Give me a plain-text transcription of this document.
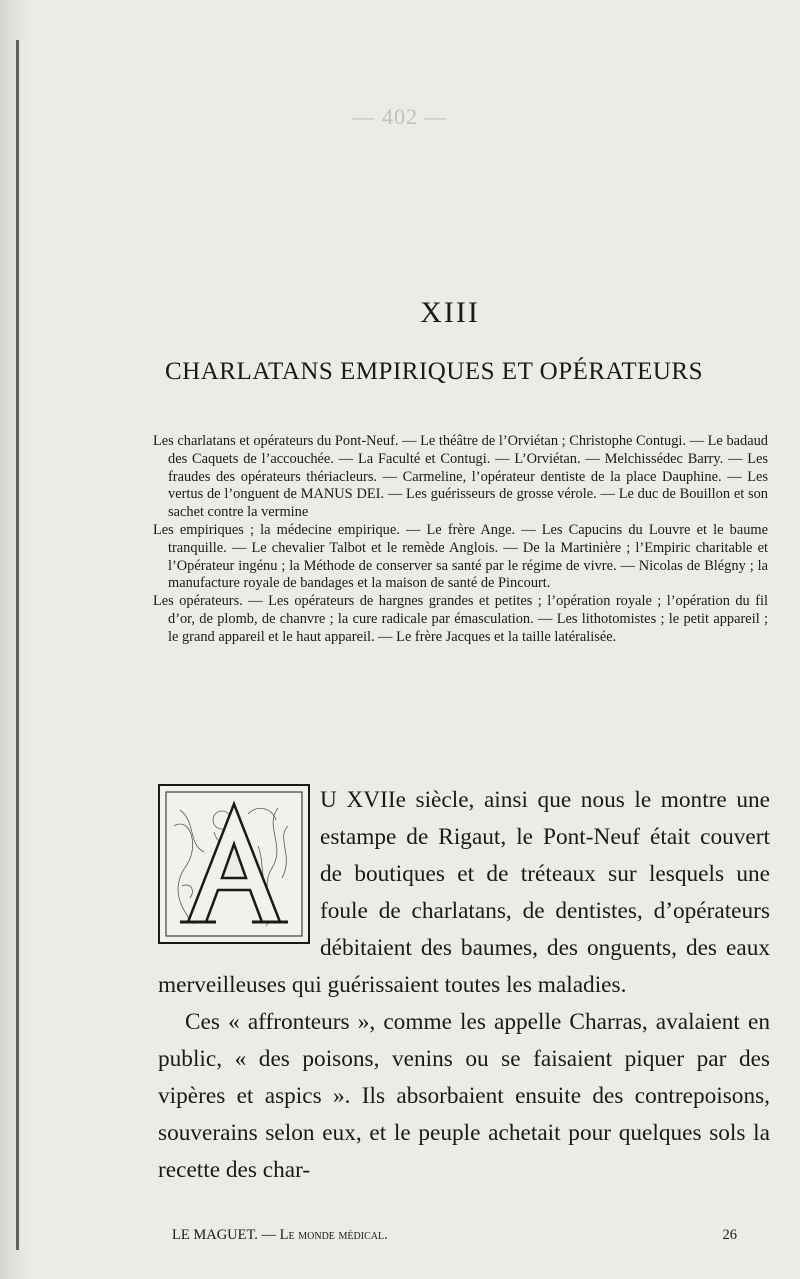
— 402 —
XIII
CHARLATANS EMPIRIQUES ET OPÉRATEURS

Les charlatans et opérateurs du Pont-Neuf. — Le théâtre de l’Orviétan ; Christophe Contugi. — Le badaud des Caquets de l’accouchée. — La Faculté et Contugi. — L’Orviétan. — Melchissédec Barry. — Les fraudes des opérateurs thériacleurs. — Carmeline, l’opérateur dentiste de la place Dauphine. — Les vertus de l’onguent de MANUS DEI. — Les guérisseurs de grosse vérole. — Le duc de Bouillon et son sachet contre la vermine

Les empiriques ; la médecine empirique. — Le frère Ange. — Les Capucins du Louvre et le baume tranquille. — Le chevalier Talbot et le remède Anglois. — De la Martinière ; l’Empiric charitable et l’Opérateur ingénu ; la Méthode de conserver sa santé par le régime de vivre. — Nicolas de Blégny ; la manufacture royale de bandages et la maison de santé de Pincourt.

Les opérateurs. — Les opérateurs de hargnes grandes et petites ; l’opération royale ; l’opération du fil d’or, de plomb, de chanvre ; la cure radicale par émasculation. — Les lithotomistes ; le petit appareil ; le grand appareil et le haut appareil. — Le frère Jacques et la taille latéralisée.

U XVIIe siècle, ainsi que nous le montre une estampe de Rigaut, le Pont-Neuf était couvert de boutiques et de tréteaux sur lesquels une foule de charlatans, de dentistes, d’opérateurs débitaient des baumes, des onguents, des eaux merveilleuses qui guérissaient toutes les maladies.

Ces « affronteurs », comme les appelle Charras, avalaient en public, « des poisons, venins ou se faisaient piquer par des vipères et aspics ». Ils absorbaient ensuite des contrepoisons, souverains selon eux, et le peuple achetait pour quelques sols la recette des char-

LE MAGUET. — Le monde médical.	26
